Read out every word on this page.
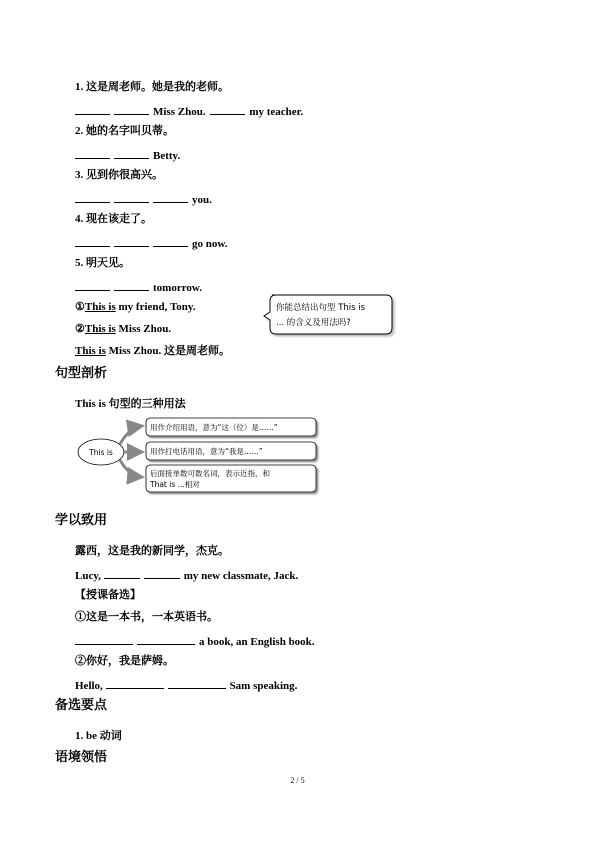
1. 这是周老师。她是我的老师。
Miss Zhou.	my teacher.
2. 她的名字叫贝蒂。
Betty.
3. 见到你很高兴。
you.
4. 现在该走了。
go now.
5. 明天见。
tomorrow.
①This is my friend, Tony.
②This is Miss Zhou.
This is Miss Zhou. 这是周老师。
你能总结出句型 This is
... 的含义及用法吗?
句型剖析
This is 句型的三种用法
This is
用作介绍用语，意为“这（位）是……”
用作打电话用语，意为“我是……”
后面接单数可数名词，表示近指，和
That is ...相对
学以致用
露西，这是我的新同学，杰克。
Lucy,	my new classmate, Jack.
【授课备选】
①这是一本书，一本英语书。
a book, an English book.
②你好，我是萨姆。
Hello,	Sam speaking.
备选要点
1. be 动词
语境领悟
2 / 5
